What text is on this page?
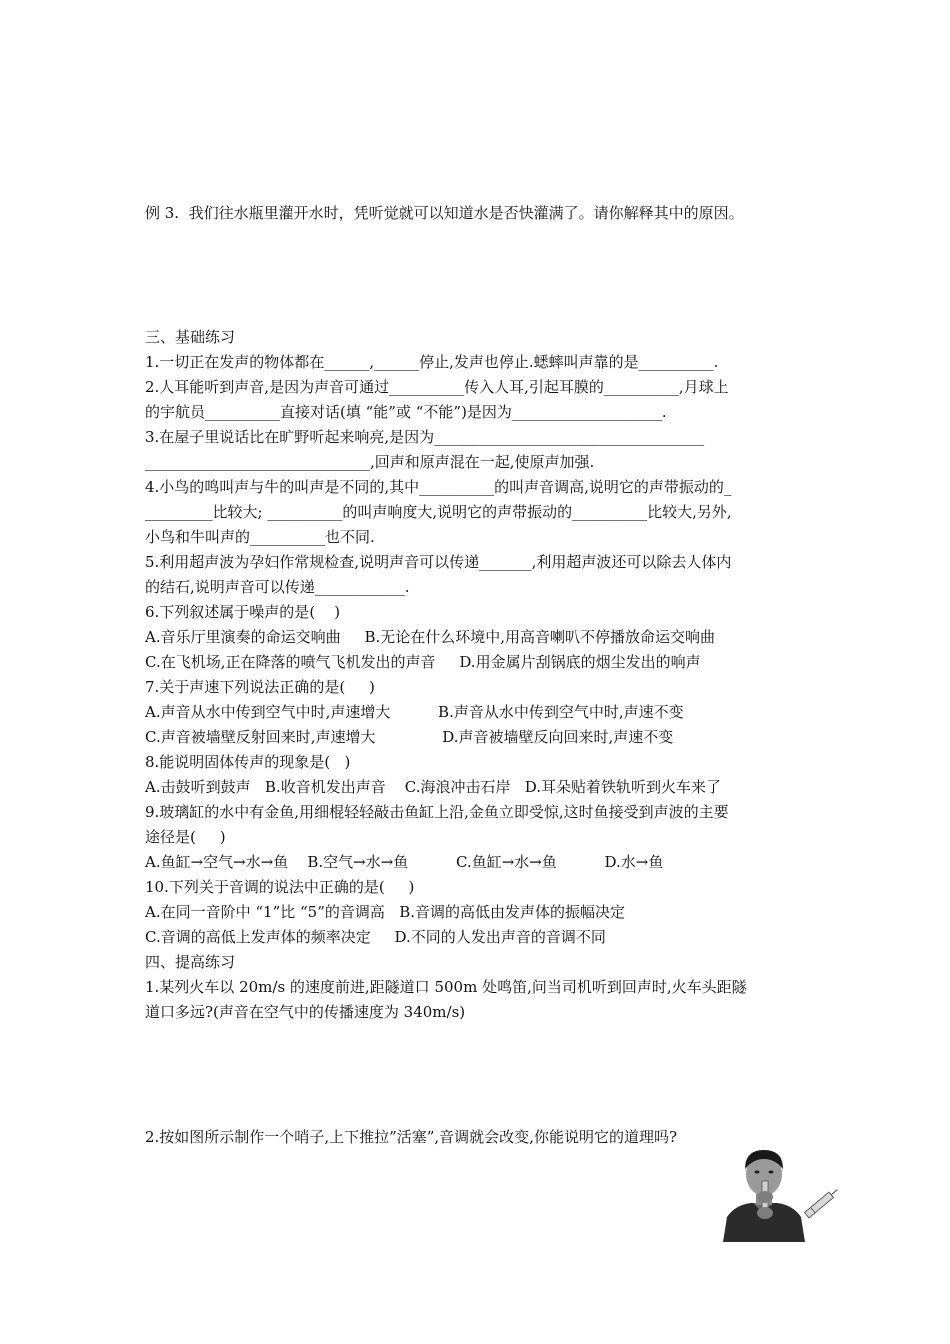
例 3.  我们往水瓶里灌开水时，凭听觉就可以知道水是否快灌满了。请你解释其中的原因。
三、基础练习
1.一切正在发声的物体都在______,______停止,发声也停止.蟋蟀叫声靠的是__________.
2.人耳能听到声音,是因为声音可通过__________传入人耳,引起耳膜的__________,月球上
的宇航员__________直接对话(填 “能”或 “不能”)是因为____________________.
3.在屋子里说话比在旷野听起来响亮,是因为____________________________________
______________________________,回声和原声混在一起,使原声加强.
4.小鸟的鸣叫声与牛的叫声是不同的,其中__________的叫声音调高,说明它的声带振动的_
_________比较大; __________的叫声响度大,说明它的声带振动的__________比较大,另外,
小鸟和牛叫声的__________也不同.
5.利用超声波为孕妇作常规检查,说明声音可以传递_______,利用超声波还可以除去人体内
的结石,说明声音可以传递____________.
6.下列叙述属于噪声的是(    )
A.音乐厅里演奏的命运交响曲     B.无论在什么环境中,用高音喇叭不停播放命运交响曲
C.在飞机场,正在降落的喷气飞机发出的声音     D.用金属片刮锅底的烟尘发出的响声
7.关于声速下列说法正确的是(     )
A.声音从水中传到空气中时,声速增大          B.声音从水中传到空气中时,声速不变
C.声音被墙壁反射回来时,声速增大              D.声音被墙壁反向回来时,声速不变
8.能说明固体传声的现象是(   )
A.击鼓听到鼓声   B.收音机发出声音    C.海浪冲击石岸   D.耳朵贴着铁轨听到火车来了
9.玻璃缸的水中有金鱼,用细棍轻轻敲击鱼缸上沿,金鱼立即受惊,这时鱼接受到声波的主要
途径是(     )
A.鱼缸→空气→水→鱼    B.空气→水→鱼          C.鱼缸→水→鱼          D.水→鱼
10.下列关于音调的说法中正确的是(     )
A.在同一音阶中 “1”比 “5”的音调高   B.音调的高低由发声体的振幅决定
C.音调的高低上发声体的频率决定     D.不同的人发出声音的音调不同
四、提高练习
1.某列火车以 20m/s 的速度前进,距隧道口 500m 处鸣笛,问当司机听到回声时,火车头距隧
道口多远?(声音在空气中的传播速度为 340m/s)
2.按如图所示制作一个哨子,上下推拉”活塞”,音调就会改变,你能说明它的道理吗?
